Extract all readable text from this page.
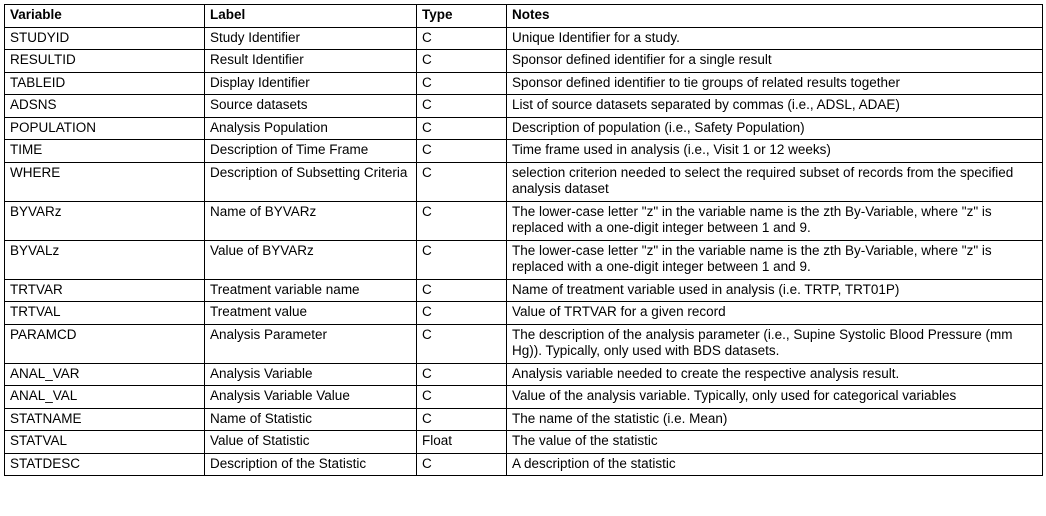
Variable	Label	Type	Notes
STUDYID	Study Identifier	C	Unique Identifier for a study.
RESULTID	Result Identifier	C	Sponsor defined identifier for a single result
TABLEID	Display Identifier	C	Sponsor defined identifier to tie groups of related results together
ADSNS	Source datasets	C	List of source datasets separated by commas (i.e., ADSL, ADAE)
POPULATION	Analysis Population	C	Description of population (i.e., Safety Population)
TIME	Description of Time Frame	C	Time frame used in analysis (i.e., Visit 1 or 12 weeks)
WHERE	Description of Subsetting Criteria	C	selection criterion needed to select the required subset of records from the specified analysis dataset
BYVARz	Name of BYVARz	C	The lower-case letter "z" in the variable name is the zth By-Variable, where "z" is replaced with a one-digit integer between 1 and 9.
BYVALz	Value of BYVARz	C	The lower-case letter "z" in the variable name is the zth By-Variable, where "z" is replaced with a one-digit integer between 1 and 9.
TRTVAR	Treatment variable name	C	Name of treatment variable used in analysis (i.e. TRTP, TRT01P)
TRTVAL	Treatment value	C	Value of TRTVAR for a given record
PARAMCD	Analysis Parameter	C	The description of the analysis parameter (i.e., Supine Systolic Blood Pressure (mm Hg)). Typically, only used with BDS datasets.
ANAL_VAR	Analysis Variable	C	Analysis variable needed to create the respective analysis result.
ANAL_VAL	Analysis Variable Value	C	Value of the analysis variable. Typically, only used for categorical variables
STATNAME	Name of Statistic	C	The name of the statistic (i.e. Mean)
STATVAL	Value of Statistic	Float	The value of the statistic
STATDESC	Description of the Statistic	C	A description of the statistic
